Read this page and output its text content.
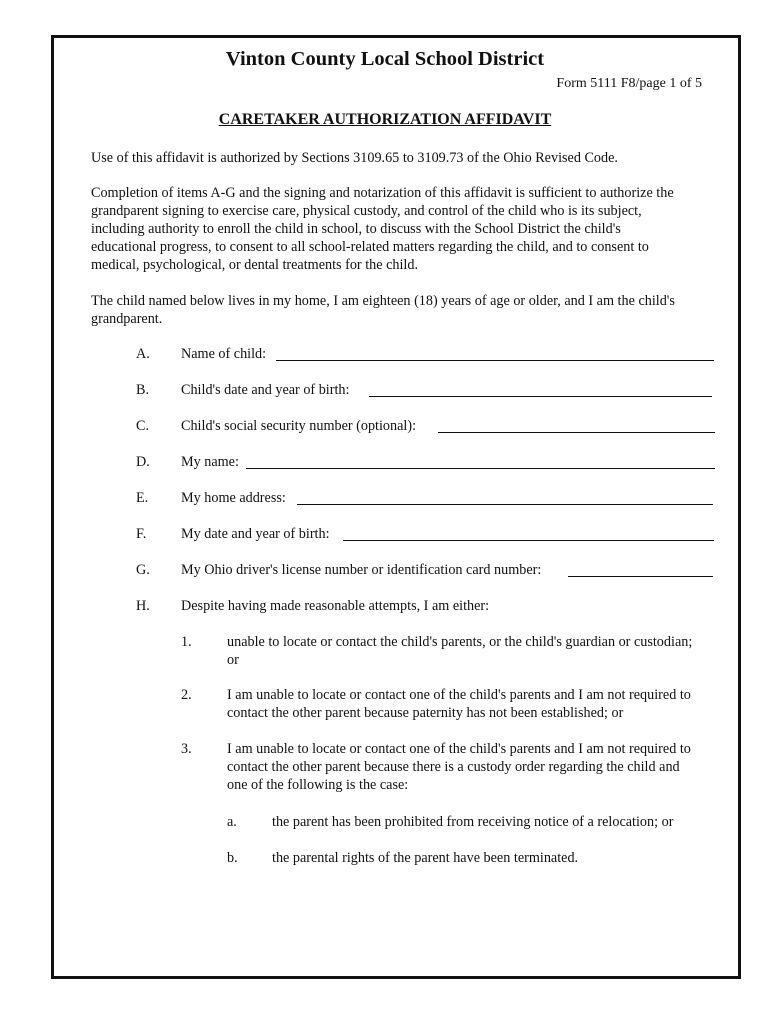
Vinton County Local School District
Form 5111 F8/page 1 of 5
CARETAKER AUTHORIZATION AFFIDAVIT

Use of this affidavit is authorized by Sections 3109.65 to 3109.73 of the Ohio Revised Code.

Completion of items A-G and the signing and notarization of this affidavit is sufficient to authorize the

grandparent signing to exercise care, physical custody, and control of the child who is its subject,

including authority to enroll the child in school, to discuss with the School District the child's

educational progress, to consent to all school-related matters regarding the child, and to consent to

medical, psychological, or dental treatments for the child.

The child named below lives in my home, I am eighteen (18) years of age or older, and I am the child's

grandparent.

A. Name of child:
B. Child's date and year of birth:
C. Child's social security number (optional):
D. My name:
E. My home address:
F. My date and year of birth:
G. My Ohio driver's license number or identification card number:
H. Despite having made reasonable attempts, I am either:
1. unable to locate or contact the child's parents, or the child's guardian or custodian;
or
2. I am unable to locate or contact one of the child's parents and I am not required to
contact the other parent because paternity has not been established; or
3. I am unable to locate or contact one of the child's parents and I am not required to
contact the other parent because there is a custody order regarding the child and
one of the following is the case:
a. the parent has been prohibited from receiving notice of a relocation; or
b. the parental rights of the parent have been terminated.
